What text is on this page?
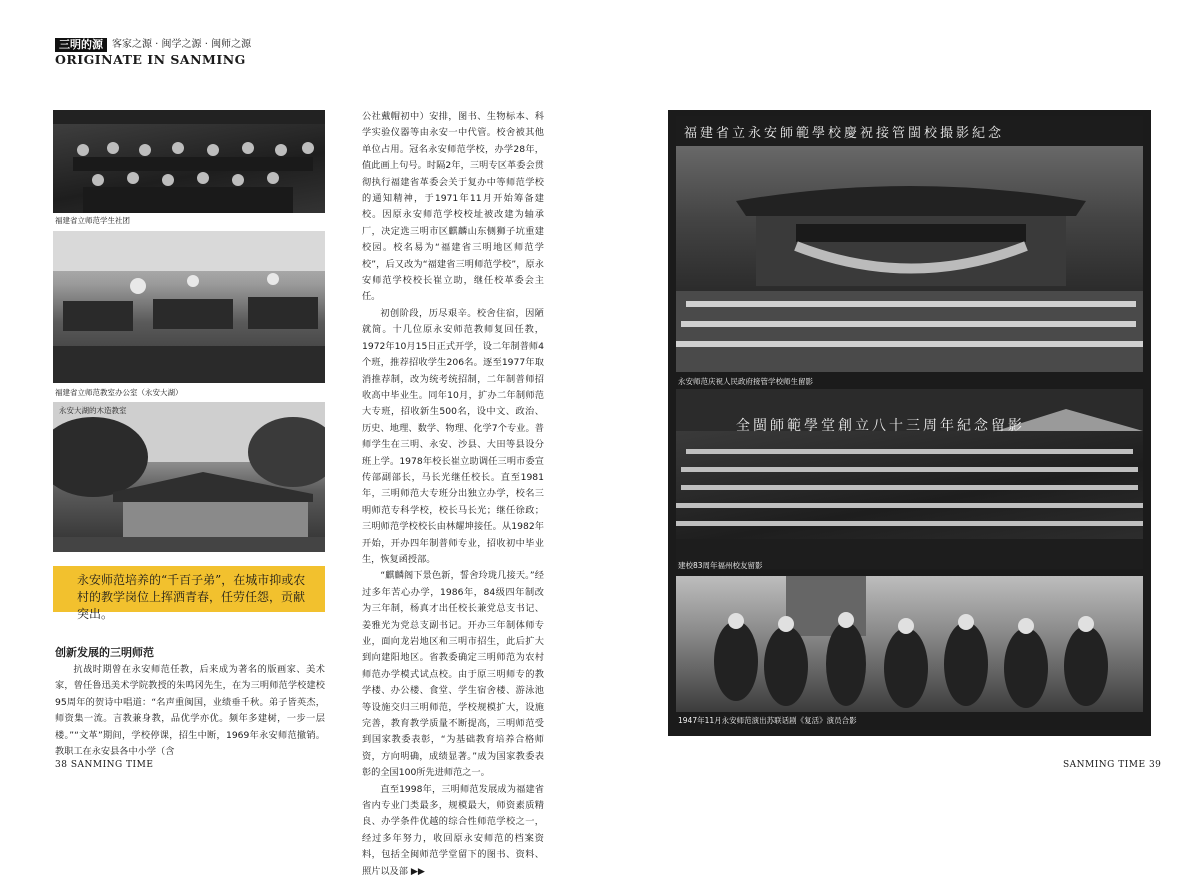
三明的源 客家之源 · 闽学之源 · 闽师之源
ORIGINATE IN SANMING
福建省立师范学生社团
福建省立师范教室办公室（永安大湖）
永安大湖的木造教室

永安师范培养的“千百子弟”，在城市抑或农村的教学岗位上挥洒青春，任劳任怨，贡献突出。

创新发展的三明师范

抗战时期曾在永安师范任教，后来成为著名的版画家、美术家，曾任鲁迅美术学院教授的朱鸣冈先生，在为三明师范学校建校95周年的贺诗中唱道：“名声重闽国，业绩垂千秋。弟子皆英杰，师资集一流。言教兼身教，品优学亦优。频年多建树，一步一层楼。”“文革”期间，学校停课，招生中断，1969年永安师范撤销。教职工在永安县各中小学（含

公社戴帽初中）安排，图书、生物标本、科学实验仪器等由永安一中代管。校舍被其他单位占用。冠名永安师范学校，办学28年，值此画上句号。时隔2年，三明专区革委会贯彻执行福建省革委会关于复办中等师范学校的通知精神，于1971年11月开始筹备建校。因原永安师范学校校址被改建为轴承厂，决定选三明市区麒麟山东侧狮子坑重建校园。校名易为“福建省三明地区师范学校”，后又改为“福建省三明师范学校”，原永安师范学校校长崔立助，继任校革委会主任。

初创阶段，历尽艰辛。校舍住宿，因陋就简。十几位原永安师范教师复回任教，1972年10月15日正式开学，设二年制普师4个班，推荐招收学生206名。逐至1977年取消推荐制，改为统考统招制，二年制普师招收高中毕业生。同年10月，扩办二年制师范大专班，招收新生500名，设中文、政治、历史、地理、数学、物理、化学7个专业。普师学生在三明、永安、沙县、大田等县设分班上学。1978年校长崔立助调任三明市委宣传部副部长，马长光继任校长。直至1981年，三明师范大专班分出独立办学，校名三明师范专科学校，校长马长光；继任徐政；三明师范学校校长由林耀坤接任。从1982年开始，开办四年制普师专业，招收初中毕业生，恢复函授部。

“麒麟阁下景色新，誓舍玲珑几接天。”经过多年苦心办学，1986年，84级四年制改为三年制，杨真才出任校长兼党总支书记、姜雅光为党总支副书记。开办三年制体师专业，面向龙岩地区和三明市招生，此后扩大到向建阳地区。省教委确定三明师范为农村师范办学模式试点校。由于原三明师专的教学楼、办公楼、食堂、学生宿舍楼、游泳池等设施交归三明师范，学校规模扩大，设施完善，教育教学质量不断提高，三明师范受到国家教委表彰，“为基础教育培养合格师资，方向明确，成绩显著。”成为国家教委表彰的全国100所先进师范之一。

直至1998年，三明师范发展成为福建省省内专业门类最多，规模最大，师资素质精良、办学条件优越的综合性师范学校之一，经过多年努力，收回原永安师范的档案资料，包括全闽师范学堂留下的图书、资料、照片以及部 ▶▶

福建省立永安師範學校慶祝接管閩校撮影紀念
永安师范庆祝人民政府接管学校师生留影
全閩師範學堂創立八十三周年紀念留影
建校83周年福州校友留影
1947年11月永安师范演出苏联话剧《复活》演员合影
38 SANMING TIME	SANMING TIME 39
